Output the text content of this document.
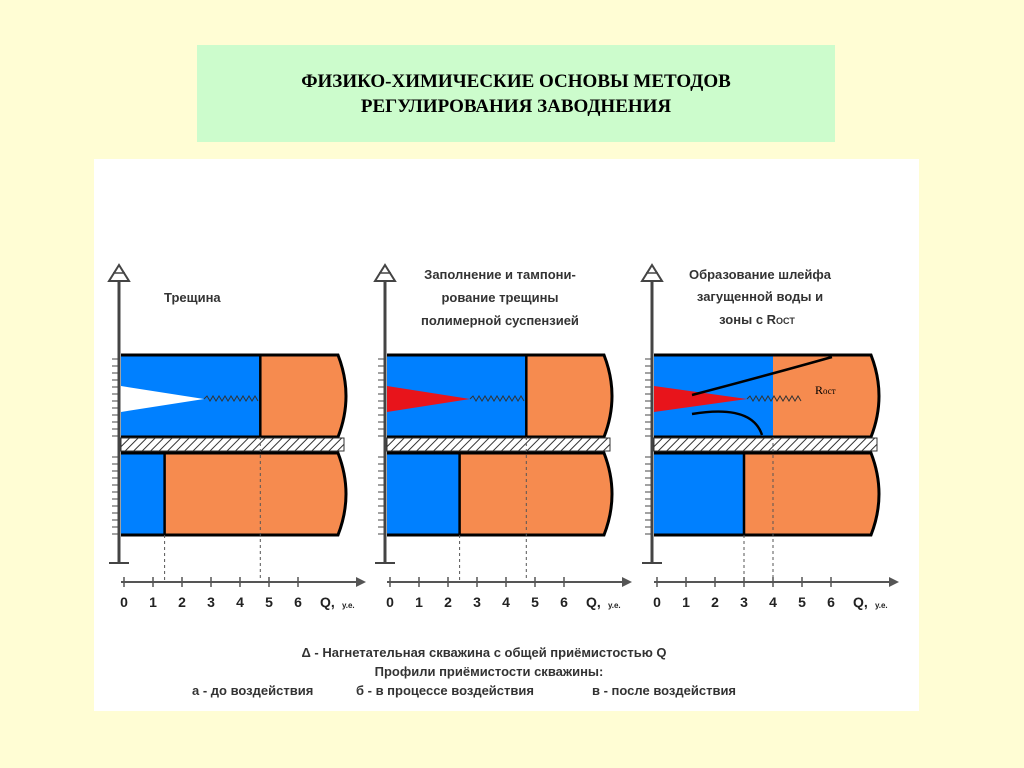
ФИЗИКО-ХИМИЧЕСКИЕ ОСНОВЫ МЕТОДОВ
РЕГУЛИРОВАНИЯ ЗАВОДНЕНИЯ
0 1 2 3 4 5 6 Q, у.е.
Трещина
0 1 2 3 4 5 6 Q, у.е.
Заполнение и тампони-рование трещины полимерной суспензией
Rост
0 1 2 3 4 5 6 Q, у.е.
Образование шлейфа загущенной воды и зоны с RОСТ
Δ - Нагнетательная скважина с общей приёмистостью Q
Профили приёмистости скважины:
а - до воздействия	б - в процессе воздействия	в - после воздействия
